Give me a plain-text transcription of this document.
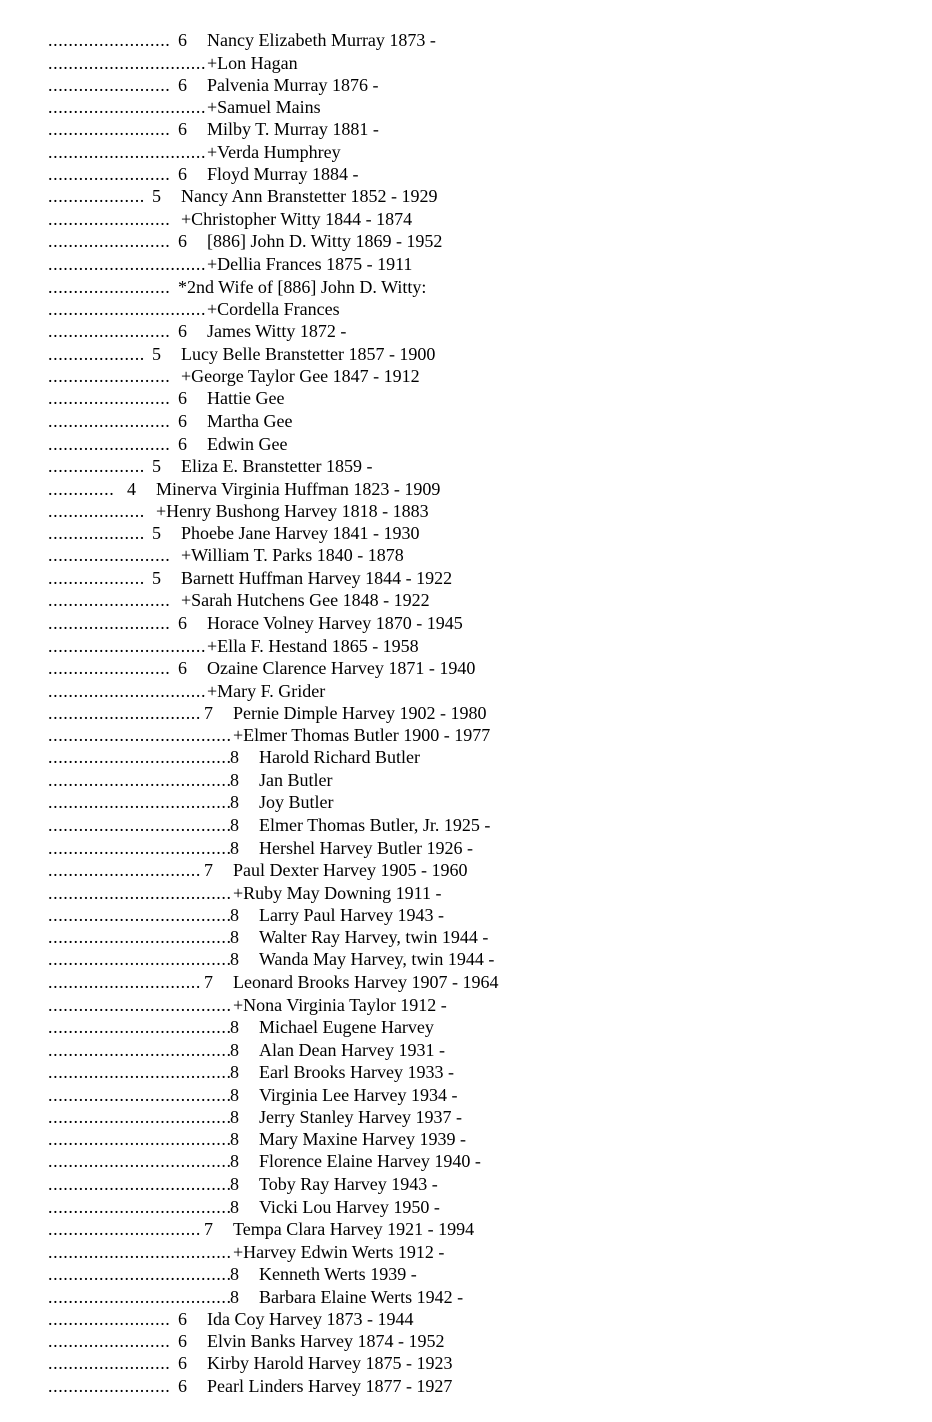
........................ 6 Nancy Elizabeth Murray 1873 -
............................... +Lon Hagan
........................ 6 Palvenia Murray 1876 -
............................... +Samuel Mains
........................ 6 Milby T. Murray 1881 -
............................... +Verda Humphrey
........................ 6 Floyd Murray 1884 -
................... 5 Nancy Ann Branstetter 1852 - 1929
........................ +Christopher Witty 1844 - 1874
........................ 6 [886] John D. Witty 1869 - 1952
............................... +Dellia Frances 1875 - 1911
........................ *2nd Wife of [886] John D. Witty:
............................... +Cordella Frances
........................ 6 James Witty 1872 -
................... 5 Lucy Belle Branstetter 1857 - 1900
........................ +George Taylor Gee 1847 - 1912
........................ 6 Hattie Gee
........................ 6 Martha Gee
........................ 6 Edwin Gee
................... 5 Eliza E. Branstetter 1859 -
............. 4 Minerva Virginia Huffman 1823 - 1909
................... +Henry Bushong Harvey 1818 - 1883
................... 5 Phoebe Jane Harvey 1841 - 1930
........................ +William T. Parks 1840 - 1878
................... 5 Barnett Huffman Harvey 1844 - 1922
........................ +Sarah Hutchens Gee 1848 - 1922
........................ 6 Horace Volney Harvey 1870 - 1945
............................... +Ella F. Hestand 1865 - 1958
........................ 6 Ozaine Clarence Harvey 1871 - 1940
............................... +Mary F. Grider
.............................. 7 Pernie Dimple Harvey 1902 - 1980
.................................... +Elmer Thomas Butler 1900 - 1977
....................................
8 Harold Richard Butler
....................................
8 Jan Butler
....................................
8 Joy Butler
....................................
8 Elmer Thomas Butler, Jr. 1925 -
....................................
8 Hershel Harvey Butler 1926 -
.............................. 7 Paul Dexter Harvey 1905 - 1960
.................................... +Ruby May Downing 1911 -
....................................
8 Larry Paul Harvey 1943 -
....................................
8 Walter Ray Harvey, twin 1944 -
....................................
8 Wanda May Harvey, twin 1944 -
.............................. 7 Leonard Brooks Harvey 1907 - 1964
.................................... +Nona Virginia Taylor 1912 -
....................................
8 Michael Eugene Harvey
....................................
8 Alan Dean Harvey 1931 -
....................................
8 Earl Brooks Harvey 1933 -
....................................
8 Virginia Lee Harvey 1934 -
....................................
8 Jerry Stanley Harvey 1937 -
....................................
8 Mary Maxine Harvey 1939 -
....................................
8 Florence Elaine Harvey 1940 -
....................................
8 Toby Ray Harvey 1943 -
....................................
8 Vicki Lou Harvey 1950 -
.............................. 7 Tempa Clara Harvey 1921 - 1994
.................................... +Harvey Edwin Werts 1912 -
....................................
8 Kenneth Werts 1939 -
....................................
8 Barbara Elaine Werts 1942 -
........................ 6 Ida Coy Harvey 1873 - 1944
........................ 6 Elvin Banks Harvey 1874 - 1952
........................ 6 Kirby Harold Harvey 1875 - 1923
........................ 6 Pearl Linders Harvey 1877 - 1927
